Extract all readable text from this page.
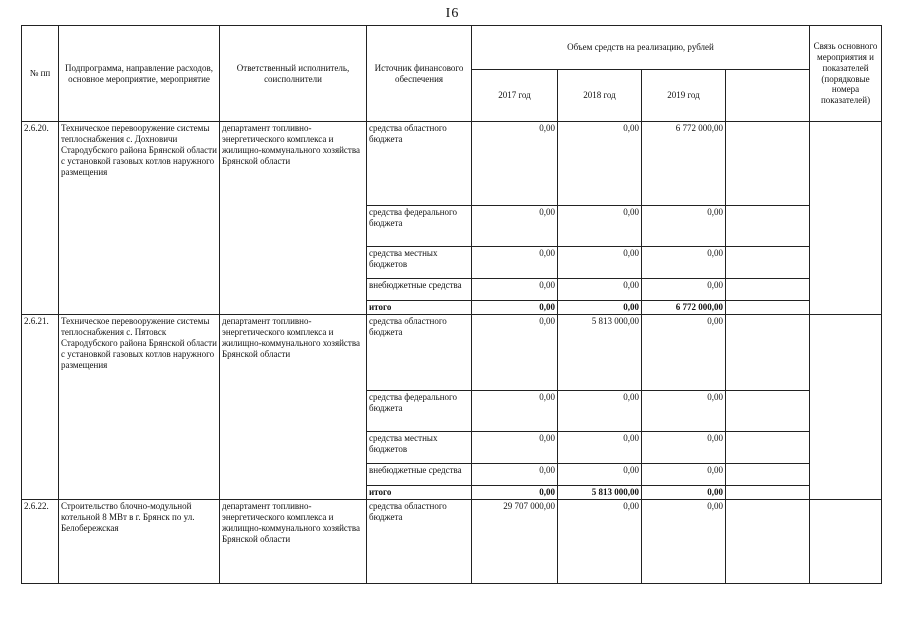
I6
№ пп	Подпрограмма, направление расходов, основное мероприятие, мероприятие	Ответственный исполнитель, соисполнители	Источник финансового обеспечения	Объем средств на реализацию, рублей				Связь основного мероприятия и показателей (порядковые номера показателей)
				2017 год	2018 год	2019 год		
2.6.20.	Техническое перевооружение системы теплоснабжения с. Дохновичи Стародубского района Брянской области с установкой газовых котлов наружного размещения	департамент топливно-энергетического комплекса и жилищно-коммунального хозяйства Брянской области	средства областного бюджета	0,00	0,00	6 772 000,00		
			средства федерального бюджета	0,00	0,00	0,00		
			средства местных бюджетов	0,00	0,00	0,00		
			внебюджетные средства	0,00	0,00	0,00		
			итого	0,00	0,00	6 772 000,00		
2.6.21.	Техническое перевооружение системы теплоснабжения с. Пятовск Стародубского района Брянской области с установкой газовых котлов наружного размещения	департамент топливно-энергетического комплекса и жилищно-коммунального хозяйства Брянской области	средства областного бюджета	0,00	5 813 000,00	0,00		
			средства федерального бюджета	0,00	0,00	0,00		
			средства местных бюджетов	0,00	0,00	0,00		
			внебюджетные средства	0,00	0,00	0,00		
			итого	0,00	5 813 000,00	0,00		
2.6.22.	Строительство блочно-модульной котельной 8 МВт в г. Брянск по ул. Белобережская	департамент топливно-энергетического комплекса и жилищно-коммунального хозяйства Брянской области	средства областного бюджета	29 707 000,00	0,00	0,00		
